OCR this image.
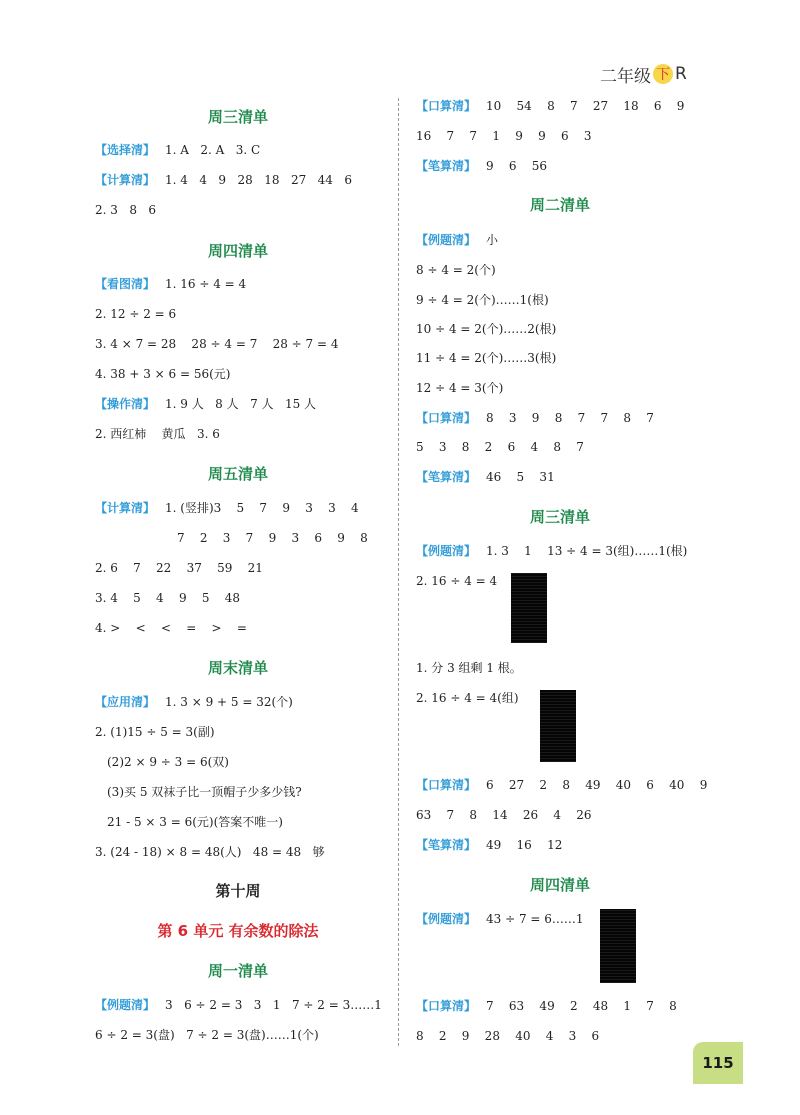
二年级 下 R
周三清单
【选择清】 1. A   2. A   3. C
【计算清】 1. 4   4   9   28   18   27   44   6
2. 3   8   6
周四清单
【看图清】 1. 16 ÷ 4 = 4
2. 12 ÷ 2 = 6
3. 4 × 7 = 28    28 ÷ 4 = 7    28 ÷ 7 = 4
4. 38 + 3 × 6 = 56(元)
【操作清】 1. 9 人   8 人   7 人   15 人
2. 西红柿    黄瓜   3. 6
周五清单
【计算清】 1. (竖排)3    5    7    9    3    3    4
7    2    3    7    9    3    6    9    8
2. 6    7    22    37    59    21
3. 4    5    4    9    5    48
4. >    <    <    =    >    =
周末清单
【应用清】 1. 3 × 9 + 5 = 32(个)
2. (1)15 ÷ 5 = 3(副)
(2)2 × 9 ÷ 3 = 6(双)
(3)买 5 双袜子比一顶帽子少多少钱?
21 - 5 × 3 = 6(元)(答案不唯一)
3. (24 - 18) × 8 = 48(人)   48 = 48   够
第十周
第 6 单元 有余数的除法
周一清单
【例题清】 3   6 ÷ 2 = 3   3   1   7 ÷ 2 = 3……1
6 ÷ 2 = 3(盘)   7 ÷ 2 = 3(盘)……1(个)
【口算清】 10    54    8    7    27    18    6    9
16    7    7    1    9    9    6    3
【笔算清】 9    6    56
周二清单
【例题清】 小
8 ÷ 4 = 2(个)
9 ÷ 4 = 2(个)……1(根)
10 ÷ 4 = 2(个)……2(根)
11 ÷ 4 = 2(个)……3(根)
12 ÷ 4 = 3(个)
【口算清】 8    3    9    8    7    7    8    7
5    3    8    2    6    4    8    7
【笔算清】 46    5    31
周三清单
【例题清】 1. 3    1    13 ÷ 4 = 3(组)……1(根)
2. 16 ÷ 4 = 4
1. 分 3 组剩 1 根。
2. 16 ÷ 4 = 4(组)
【口算清】 6    27    2    8    49    40    6    40    9
63    7    8    14    26    4    26
【笔算清】 49    16    12
周四清单
【例题清】 43 ÷ 7 = 6……1
【口算清】 7    63    49    2    48    1    7    8
8    2    9    28    40    4    3    6
115
